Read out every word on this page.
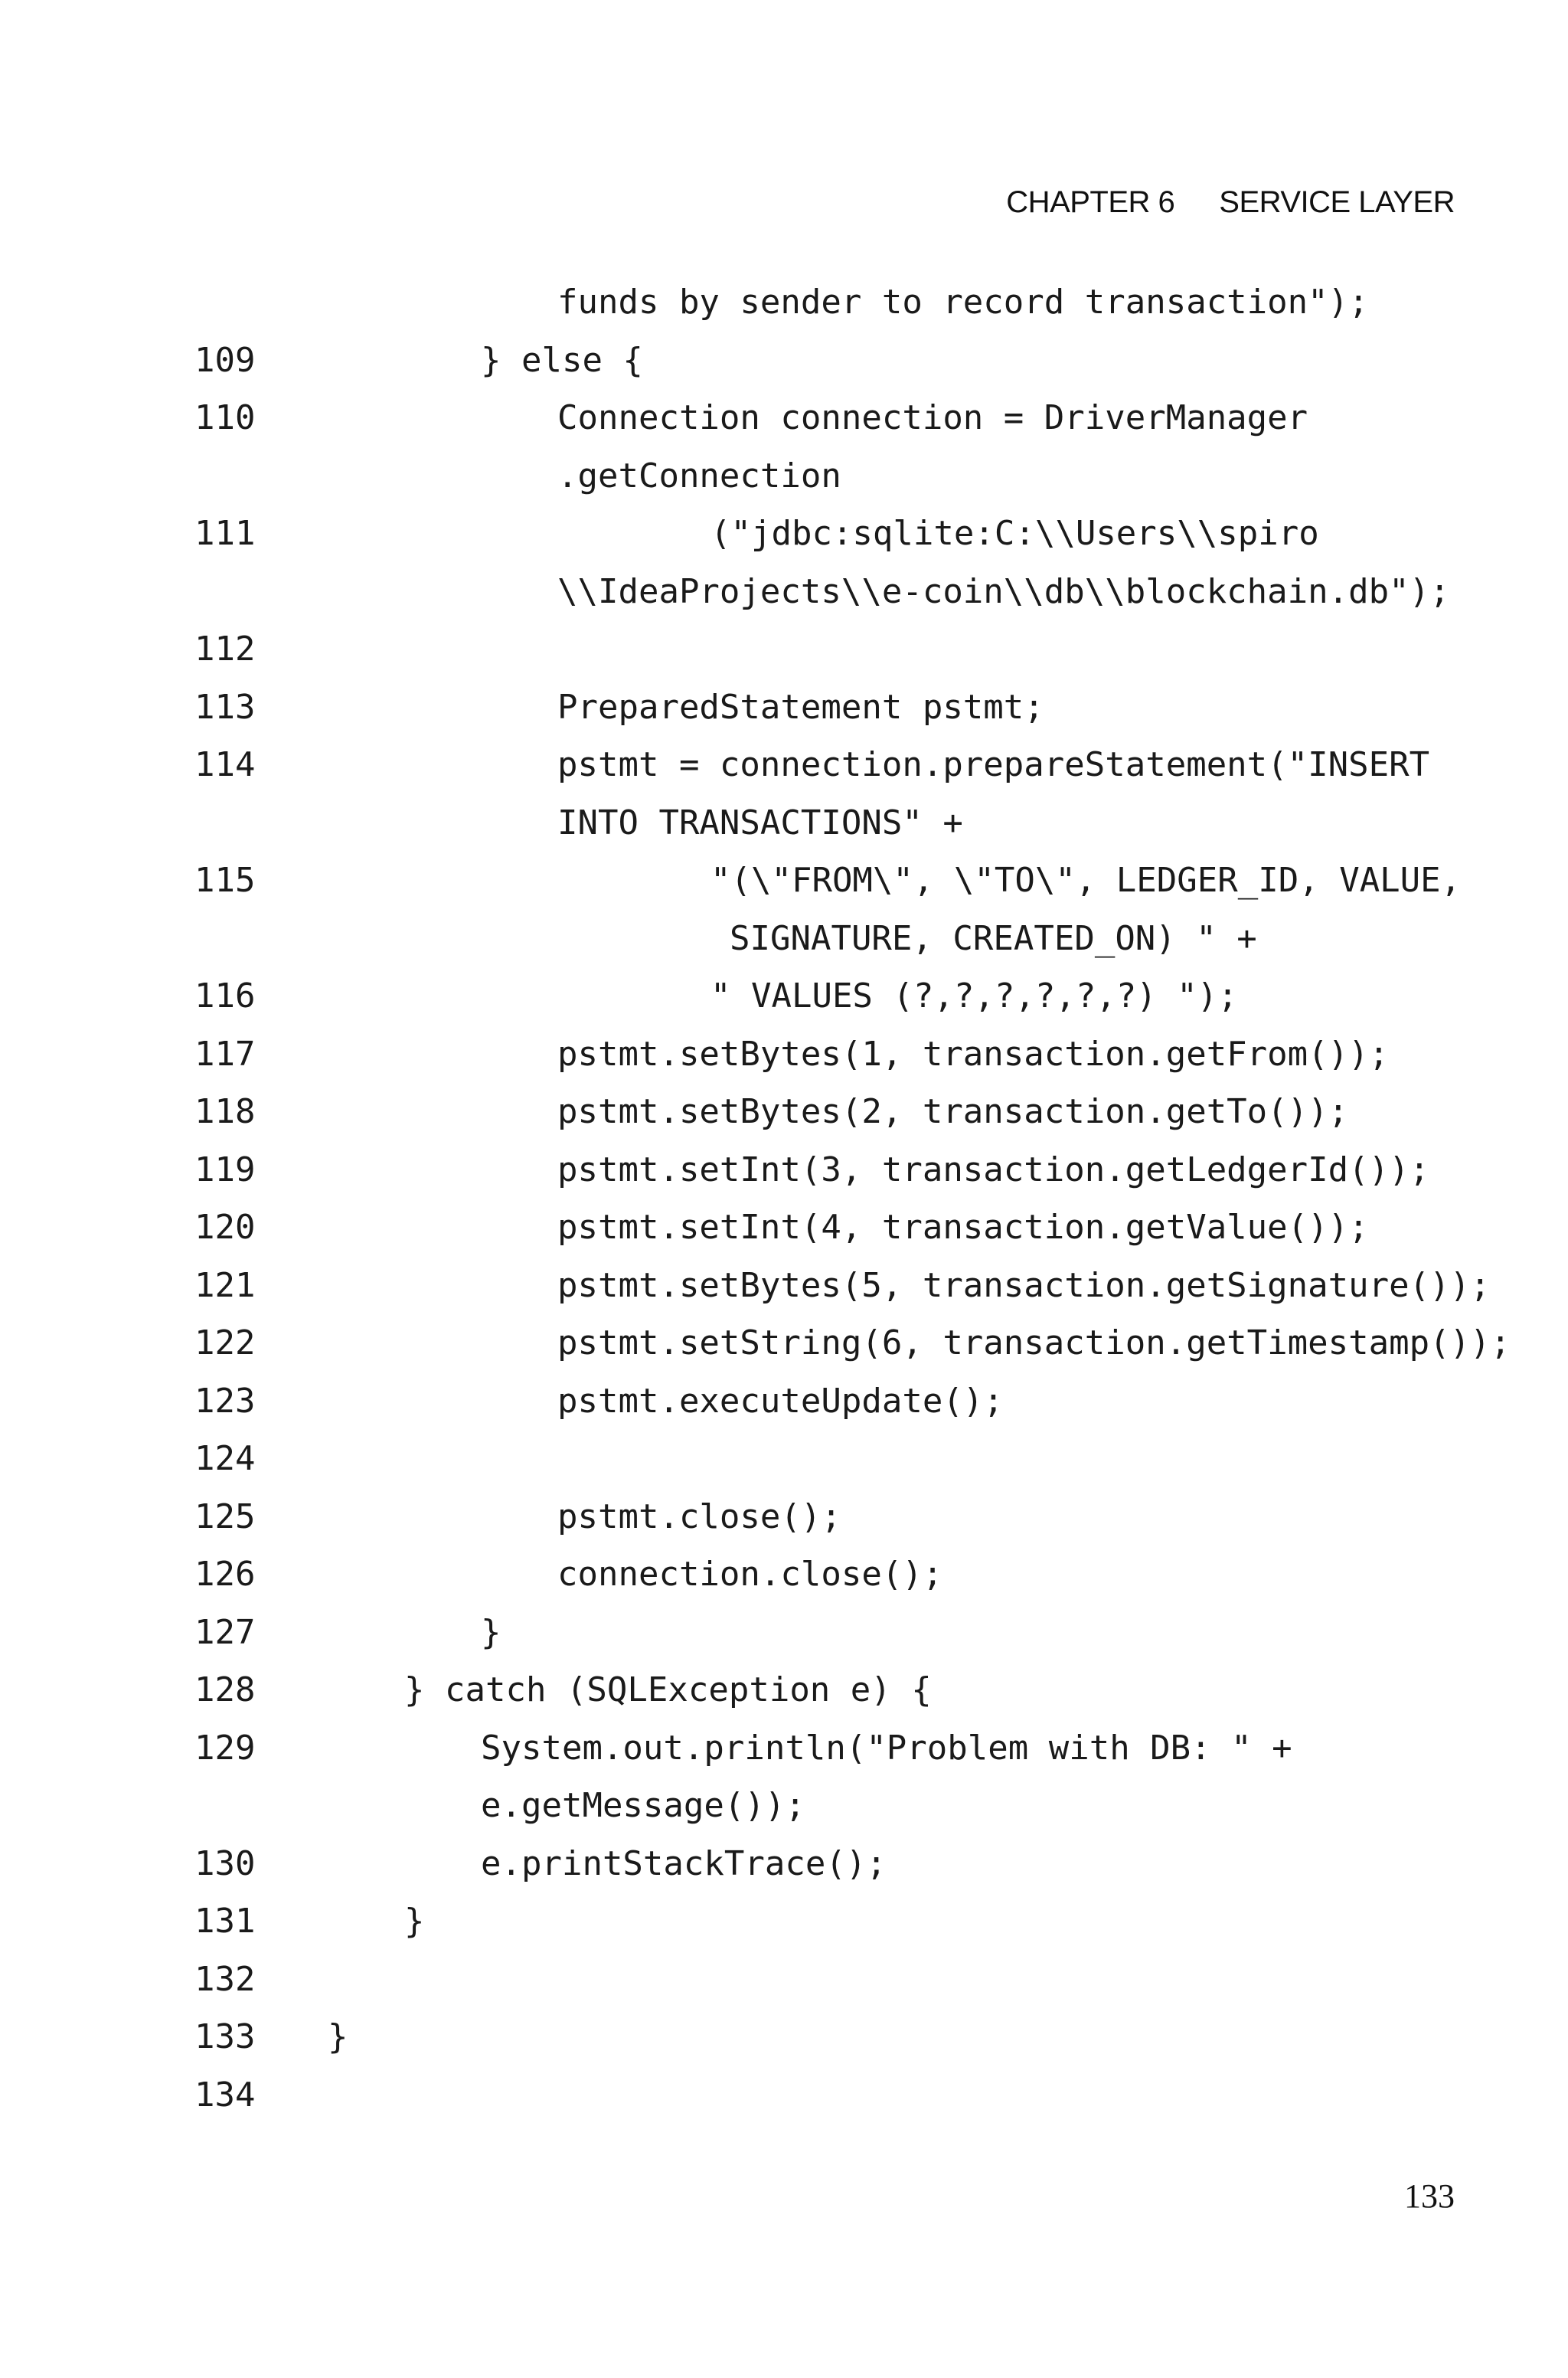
CHAPTER 6 SERVICE LAYER
funds by sender to record transaction");
109	} else {
110	Connection connection = DriverManager
.getConnection
111	("jdbc:sqlite:C:\\Users\\spiro
\\IdeaProjects\\e-coin\\db\\blockchain.db");
112
113	PreparedStatement pstmt;
114	pstmt = connection.prepareStatement("INSERT
INTO TRANSACTIONS" +
115	"(\"FROM\", \"TO\", LEDGER_ID, VALUE,
SIGNATURE, CREATED_ON) " +
116	" VALUES (?,?,?,?,?,?) ");
117	pstmt.setBytes(1, transaction.getFrom());
118	pstmt.setBytes(2, transaction.getTo());
119	pstmt.setInt(3, transaction.getLedgerId());
120	pstmt.setInt(4, transaction.getValue());
121	pstmt.setBytes(5, transaction.getSignature());
122	pstmt.setString(6, transaction.getTimestamp());
123	pstmt.executeUpdate();
124
125	pstmt.close();
126	connection.close();
127	}
128	} catch (SQLException e) {
129	System.out.println("Problem with DB: " +
e.getMessage());
130	e.printStackTrace();
131	}
132
133 }
134
133
